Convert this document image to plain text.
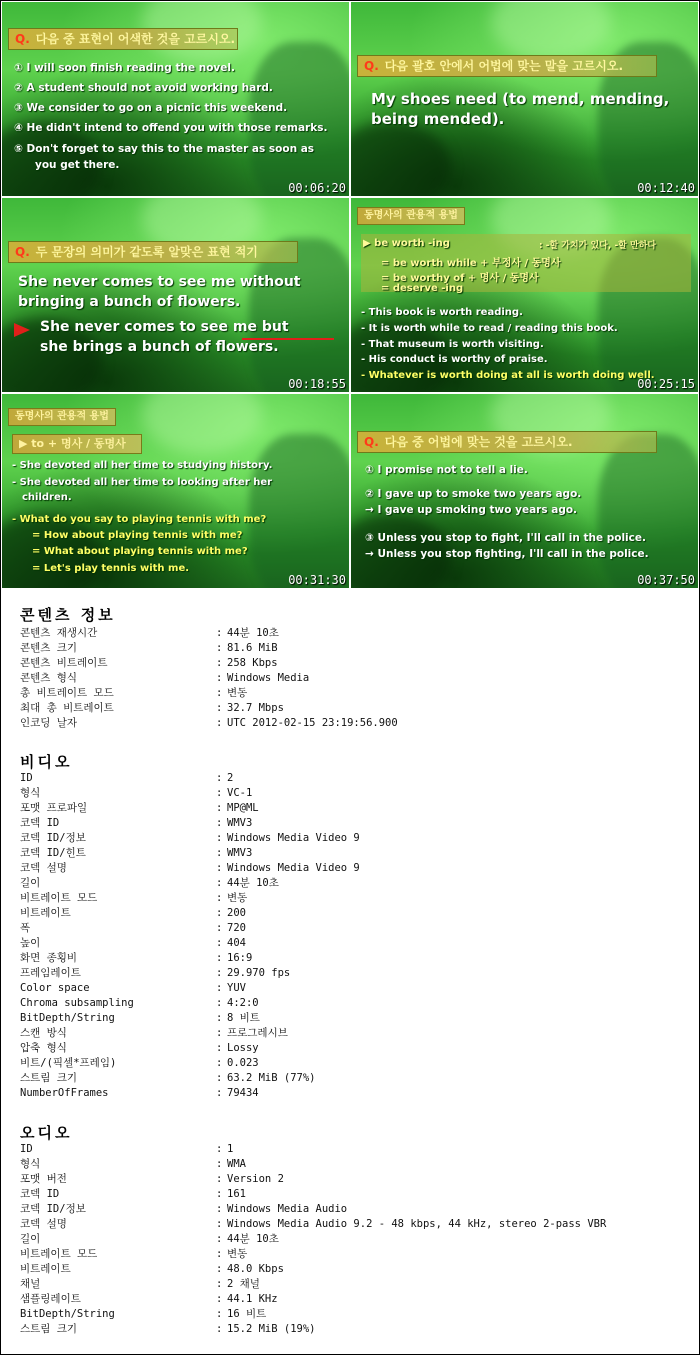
Q. 다음 중 표현이 어색한 것을 고르시오.
① I will soon finish reading the novel.
② A student should not avoid working hard.
③ We consider to go on a picnic this weekend.
④ He didn't intend to offend you with those remarks.
⑤ Don't forget to say this to the master as soon as
you get there.
00:06:20
Q. 다음 괄호 안에서 어법에 맞는 말을 고르시오.
My shoes need (to mend, mending,
being mended).
00:12:40
Q. 두 문장의 의미가 같도록 알맞은 표현 적기
She never comes to see me without
bringing a bunch of flowers.
She never comes to see me but
she brings a bunch of flowers.
00:18:55
동명사의 관용적 용법
▶ be worth -ing	: -할 가치가 있다, -할 만하다
= be worth while + 부정사 / 동명사
= be worthy of + 명사 / 동명사
= deserve -ing
- This book is worth reading.
- It is worth while to read / reading this book.
- That museum is worth visiting.
- His conduct is worthy of praise.
- Whatever is worth doing at all is worth doing well.
00:25:15
동명사의 관용적 용법
▶ to + 명사 / 동명사
- She devoted all her time to studying history.
- She devoted all her time to looking after her
children.
- What do you say to playing tennis with me?
= How about playing tennis with me?
= What about playing tennis with me?
= Let's play tennis with me.
00:31:30
Q. 다음 중 어법에 맞는 것을 고르시오.
① I promise not to tell a lie.
② I gave up to smoke two years ago.
→ I gave up smoking two years ago.
③ Unless you stop to fight, I'll call in the police.
→ Unless you stop fighting, I'll call in the police.
00:37:50
콘텐츠 정보
콘텐츠 재생시간	: 44분 10초
콘텐츠 크기	: 81.6 MiB
콘텐츠 비트레이트	: 258 Kbps
콘텐츠 형식	: Windows Media
총 비트레이트 모드	: 변동
최대 총 비트레이트	: 32.7 Mbps
인코딩 날자	: UTC 2012-02-15 23:19:56.900
비디오
ID	: 2
형식	: VC-1
포맷 프로파일	: MP@ML
코덱 ID	: WMV3
코덱 ID/정보	: Windows Media Video 9
코덱 ID/힌트	: WMV3
코덱 설명	: Windows Media Video 9
길이	: 44분 10초
비트레이트 모드	: 변동
비트레이트	: 200
폭	: 720
높이	: 404
화면 종횡비	: 16:9
프레임레이트	: 29.970 fps
Color space	: YUV
Chroma subsampling	: 4:2:0
BitDepth/String	: 8 비트
스캔 방식	: 프로그레시브
압축 형식	: Lossy
비트/(픽셀*프레임)	: 0.023
스트림 크기	: 63.2 MiB (77%)
NumberOfFrames	: 79434
오디오
ID	: 1
형식	: WMA
포맷 버전	: Version 2
코덱 ID	: 161
코덱 ID/정보	: Windows Media Audio
코덱 설명	: Windows Media Audio 9.2 - 48 kbps, 44 kHz, stereo 2-pass VBR
길이	: 44분 10초
비트레이트 모드	: 변동
비트레이트	: 48.0 Kbps
채널	: 2 채널
샘플링레이트	: 44.1 KHz
BitDepth/String	: 16 비트
스트림 크기	: 15.2 MiB (19%)
